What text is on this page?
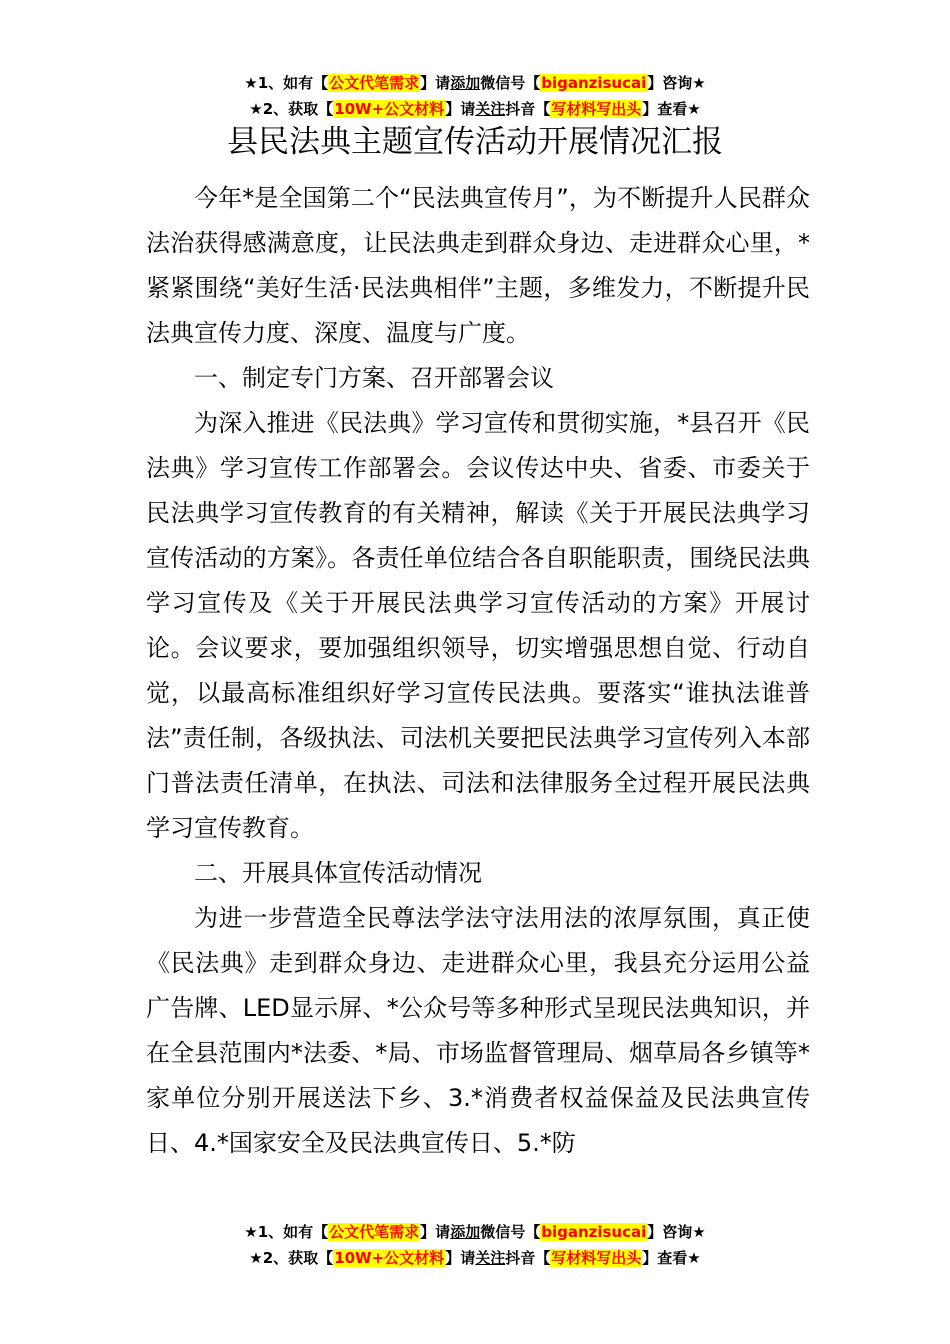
★1、如有【公文代笔需求】请添加微信号【biganzisucai】咨询★
★2、获取【10W+公文材料】请关注抖音【写材料写出头】查看★
县民法典主题宣传活动开展情况汇报

今年*是全国第二个“民法典宣传月”，为不断提升人民群众法治获得感满意度，让民法典走到群众身边、走进群众心里，*紧紧围绕“美好生活·民法典相伴”主题，多维发力，不断提升民法典宣传力度、深度、温度与广度。

一、制定专门方案、召开部署会议

为深入推进《民法典》学习宣传和贯彻实施，*县召开《民法典》学习宣传工作部署会。会议传达中央、省委、市委关于民法典学习宣传教育的有关精神，解读《关于开展民法典学习宣传活动的方案》。各责任单位结合各自职能职责，围绕民法典学习宣传及《关于开展民法典学习宣传活动的方案》开展讨论。会议要求，要加强组织领导，切实增强思想自觉、行动自觉，以最高标准组织好学习宣传民法典。要落实“谁执法谁普法”责任制，各级执法、司法机关要把民法典学习宣传列入本部门普法责任清单，在执法、司法和法律服务全过程开展民法典学习宣传教育。

二、开展具体宣传活动情况

为进一步营造全民尊法学法守法用法的浓厚氛围，真正使《民法典》走到群众身边、走进群众心里，我县充分运用公益广告牌、LED显示屏、*公众号等多种形式呈现民法典知识，并在全县范围内*法委、*局、市场监督管理局、烟草局各乡镇等*家单位分别开展送法下乡、3.*消费者权益保益及民法典宣传日、4.*国家安全及民法典宣传日、5.*防

★1、如有【公文代笔需求】请添加微信号【biganzisucai】咨询★
★2、获取【10W+公文材料】请关注抖音【写材料写出头】查看★
